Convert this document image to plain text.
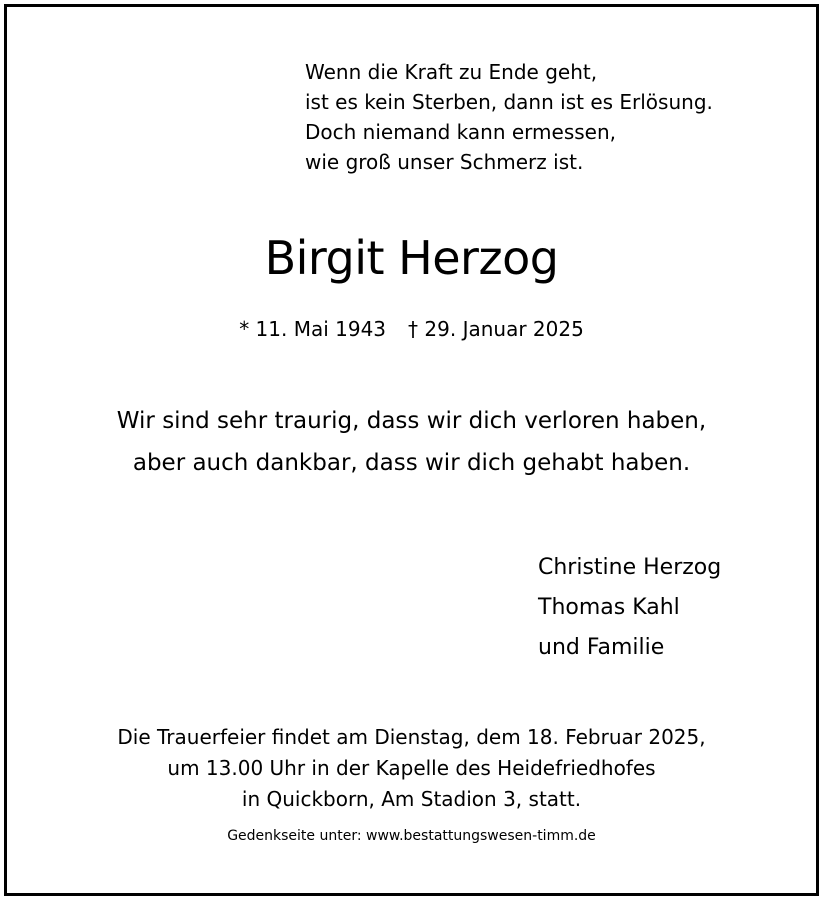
Wenn die Kraft zu Ende geht,
ist es kein Sterben, dann ist es Erlösung.
Doch niemand kann ermessen,
wie groß unser Schmerz ist.
Birgit Herzog
* 11. Mai 1943 † 29. Januar 2025
Wir sind sehr traurig, dass wir dich verloren haben,
aber auch dankbar, dass wir dich gehabt haben.
Christine Herzog
Thomas Kahl
und Familie
Die Trauerfeier findet am Dienstag, dem 18. Februar 2025,
um 13.00 Uhr in der Kapelle des Heidefriedhofes
in Quickborn, Am Stadion 3, statt.
Gedenkseite unter: www.bestattungswesen-timm.de
